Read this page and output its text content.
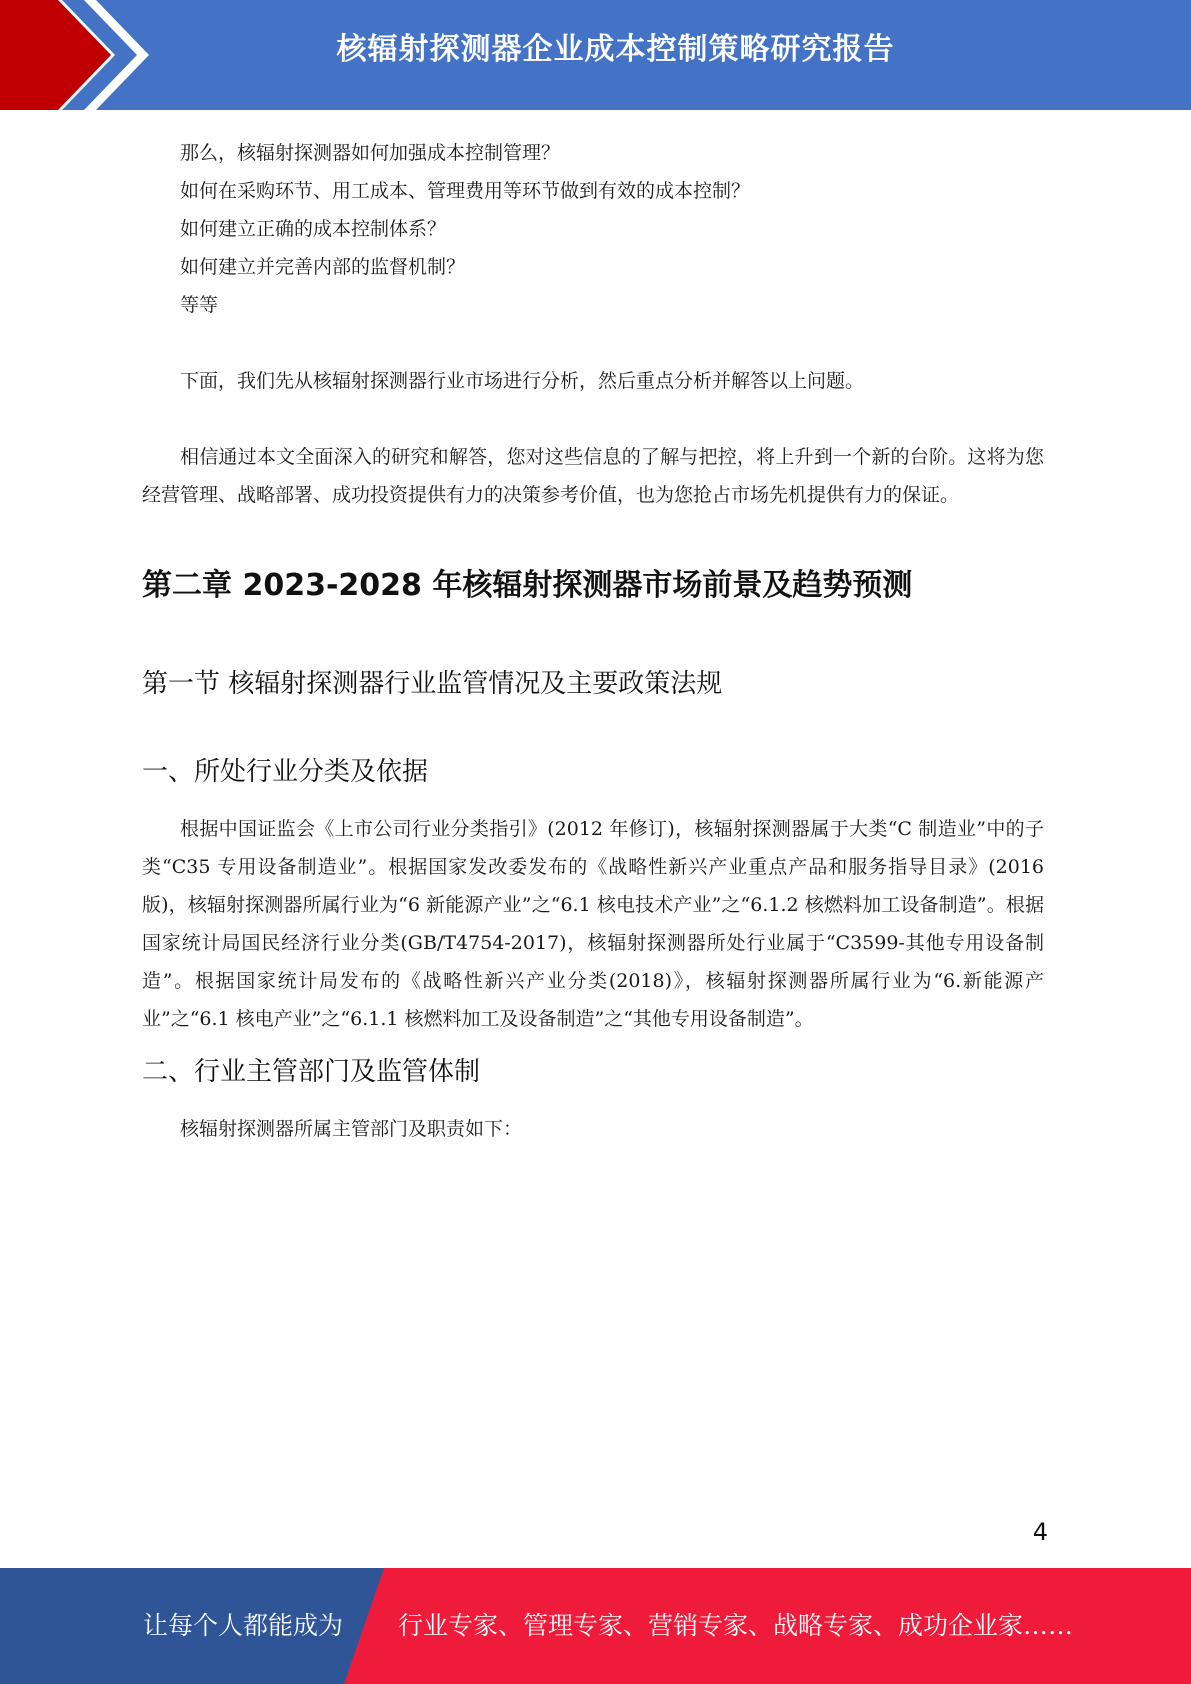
核辐射探测器企业成本控制策略研究报告

那么，核辐射探测器如何加强成本控制管理？

如何在采购环节、用工成本、管理费用等环节做到有效的成本控制？

如何建立正确的成本控制体系？

如何建立并完善内部的监督机制？

等等

下面，我们先从核辐射探测器行业市场进行分析，然后重点分析并解答以上问题。

相信通过本文全面深入的研究和解答，您对这些信息的了解与把控，将上升到一个新的台阶。这将为您经营管理、战略部署、成功投资提供有力的决策参考价值，也为您抢占市场先机提供有力的保证。

第二章 2023-2028 年核辐射探测器市场前景及趋势预测
第一节 核辐射探测器行业监管情况及主要政策法规
一、所处行业分类及依据

根据中国证监会《上市公司行业分类指引》(2012 年修订)，核辐射探测器属于大类“C 制造业”中的子类“C35 专用设备制造业”。根据国家发改委发布的《战略性新兴产业重点产品和服务指导目录》(2016 版)，核辐射探测器所属行业为“6 新能源产业”之“6.1 核电技术产业”之“6.1.2 核燃料加工设备制造”。根据国家统计局国民经济行业分类(GB/T4754-2017)，核辐射探测器所处行业属于“C3599-其他专用设备制造”。根据国家统计局发布的《战略性新兴产业分类(2018)》，核辐射探测器所属行业为“6.新能源产业”之“6.1 核电产业”之“6.1.1 核燃料加工及设备制造”之“其他专用设备制造”。

二、行业主管部门及监管体制

核辐射探测器所属主管部门及职责如下：

4
让每个人都能成为 行业专家、管理专家、营销专家、战略专家、成功企业家……
